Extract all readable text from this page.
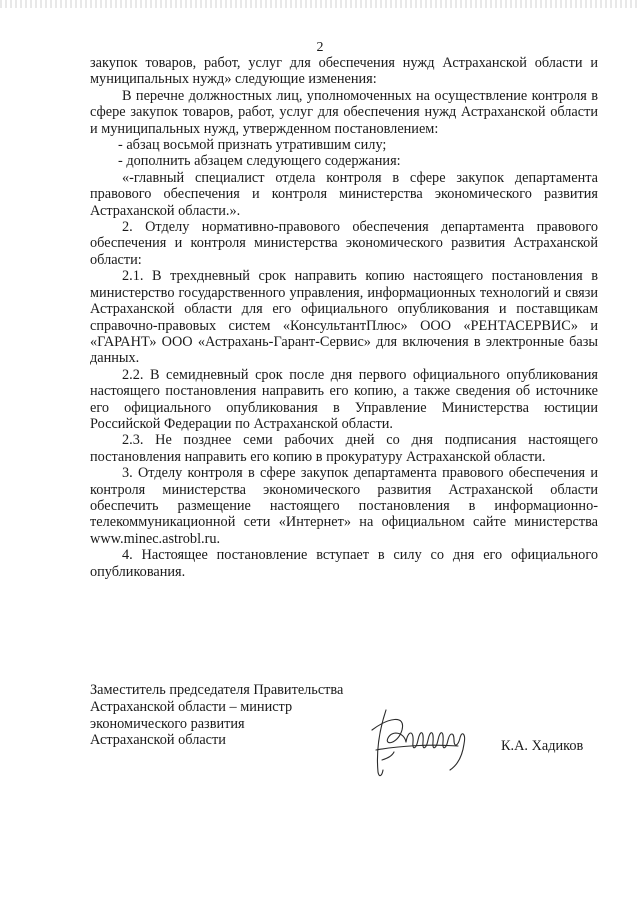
2

закупок товаров, работ, услуг для обеспечения нужд Астраханской области и муниципальных нужд» следующие изменения:

В перечне должностных лиц, уполномоченных на осуществление контроля в сфере закупок товаров, работ, услуг для обеспечения нужд Астраханской области и муниципальных нужд, утвержденном постановлением:

- абзац восьмой признать утратившим силу;

- дополнить абзацем следующего содержания:

«-главный специалист отдела контроля в сфере закупок департамента правового обеспечения и контроля министерства экономического развития Астраханской области.».

2. Отделу нормативно-правового обеспечения департамента правового обеспечения и контроля министерства экономического развития Астраханской области:

2.1. В трехдневный срок направить копию настоящего постановления в министерство государственного управления, информационных технологий и связи Астраханской области для его официального опубликования и поставщикам справочно-правовых систем «КонсультантПлюс» ООО «РЕНТАСЕРВИС» и «ГАРАНТ» ООО «Астрахань-Гарант-Сервис» для включения в электронные базы данных.

2.2. В семидневный срок после дня первого официального опубликования настоящего постановления направить его копию, а также сведения об источнике его официального опубликования в Управление Министерства юстиции Российской Федерации по Астраханской области.

2.3. Не позднее семи рабочих дней со дня подписания настоящего постановления направить его копию в прокуратуру Астраханской области.

3. Отделу контроля в сфере закупок департамента правового обеспечения и контроля министерства экономического развития Астраханской области обеспечить размещение настоящего постановления в информационно-телекоммуникационной сети «Интернет» на официальном сайте министерства www.minec.astrobl.ru.

4. Настоящее постановление вступает в силу со дня его официального опубликования.

Заместитель председателя Правительства
Астраханской области – министр
экономического развития
Астраханской области	К.А. Хадиков
